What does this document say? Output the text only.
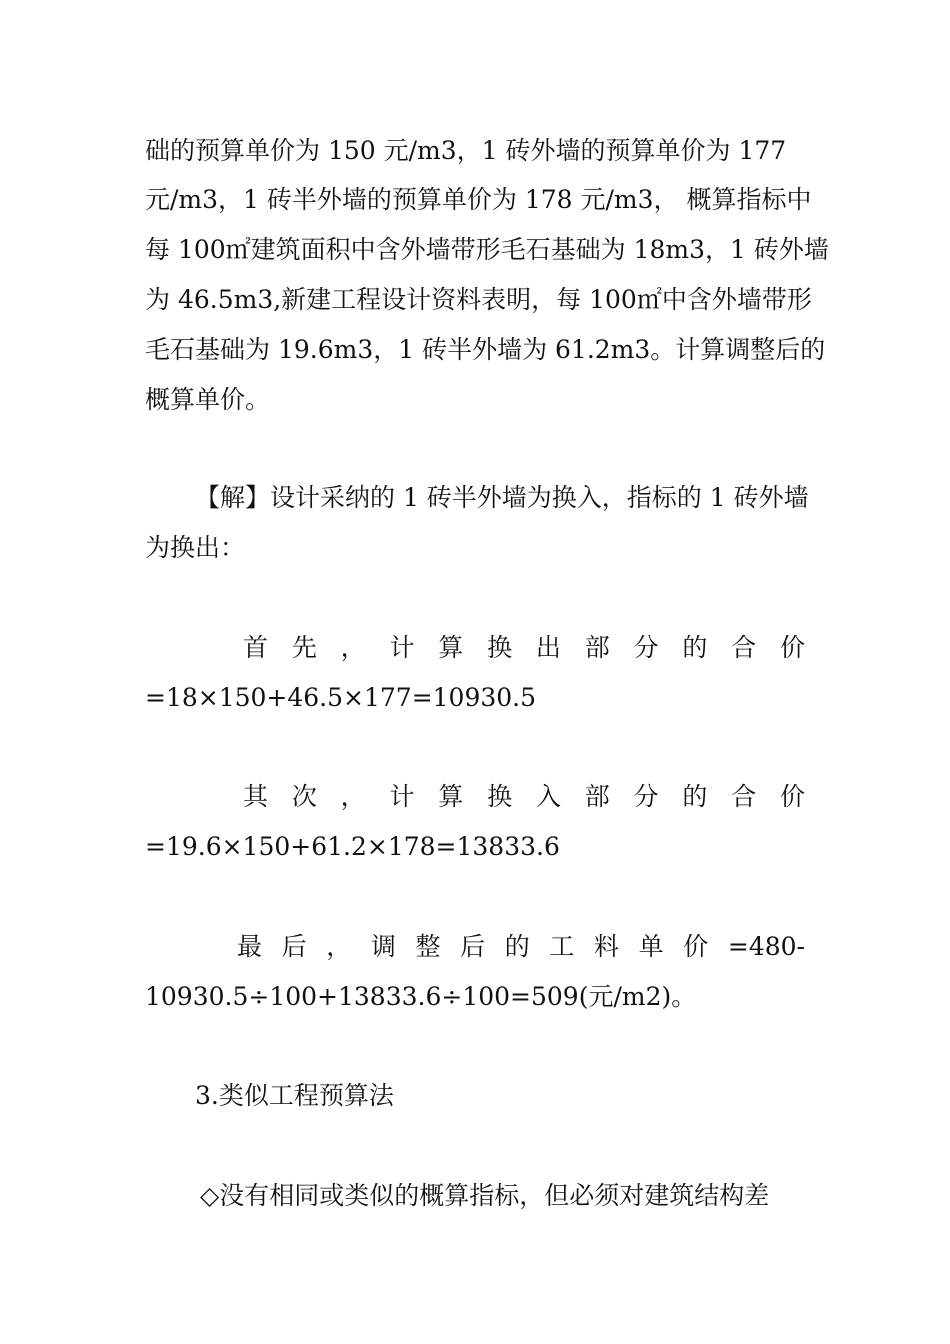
础的预算单价为 150 元/m3，1 砖外墙的预算单价为 177
元/m3，1 砖半外墙的预算单价为 178 元/m3， 概算指标中
每 100㎡建筑面积中含外墙带形毛石基础为 18m3，1 砖外墙
为 46.5m3,新建工程设计资料表明，每 100㎡中含外墙带形
毛石基础为 19.6m3，1 砖半外墙为 61.2m3。计算调整后的
概算单价。
【解】设计采纳的 1 砖半外墙为换入，指标的 1 砖外墙
为换出：
首 先 ， 计 算 换 出 部 分 的 合 价
=18×150+46.5×177=10930.5
其 次 ， 计 算 换 入 部 分 的 合 价
=19.6×150+61.2×178=13833.6
最 后 ， 调 整 后 的 工 料 单 价 =480-
10930.5÷100+13833.6÷100=509(元/m2)。
3.类似工程预算法
◇没有相同或类似的概算指标，但必须对建筑结构差
